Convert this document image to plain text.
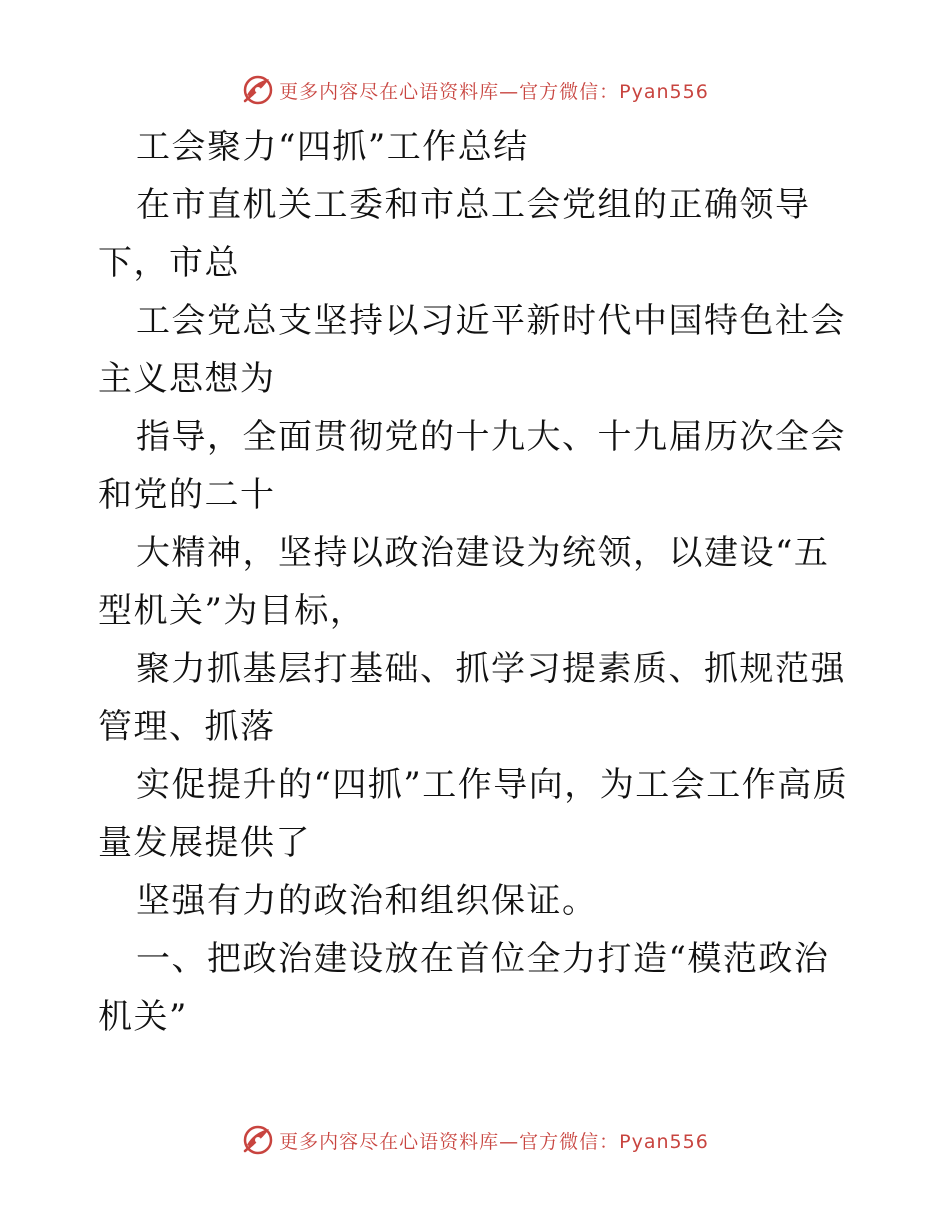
更多内容尽在心语资料库—官方微信：Pyan556

工会聚力“四抓”工作总结

在市直机关工委和市总工会党组的正确领导下，市总

工会党总支坚持以习近平新时代中国特色社会主义思想为

指导，全面贯彻党的十九大、十九届历次全会和党的二十

大精神，坚持以政治建设为统领，以建设“五型机关”为目标，

聚力抓基层打基础、抓学习提素质、抓规范强管理、抓落

实促提升的“四抓”工作导向，为工会工作高质量发展提供了

坚强有力的政治和组织保证。

一、把政治建设放在首位全力打造“模范政治机关”

更多内容尽在心语资料库—官方微信：Pyan556
